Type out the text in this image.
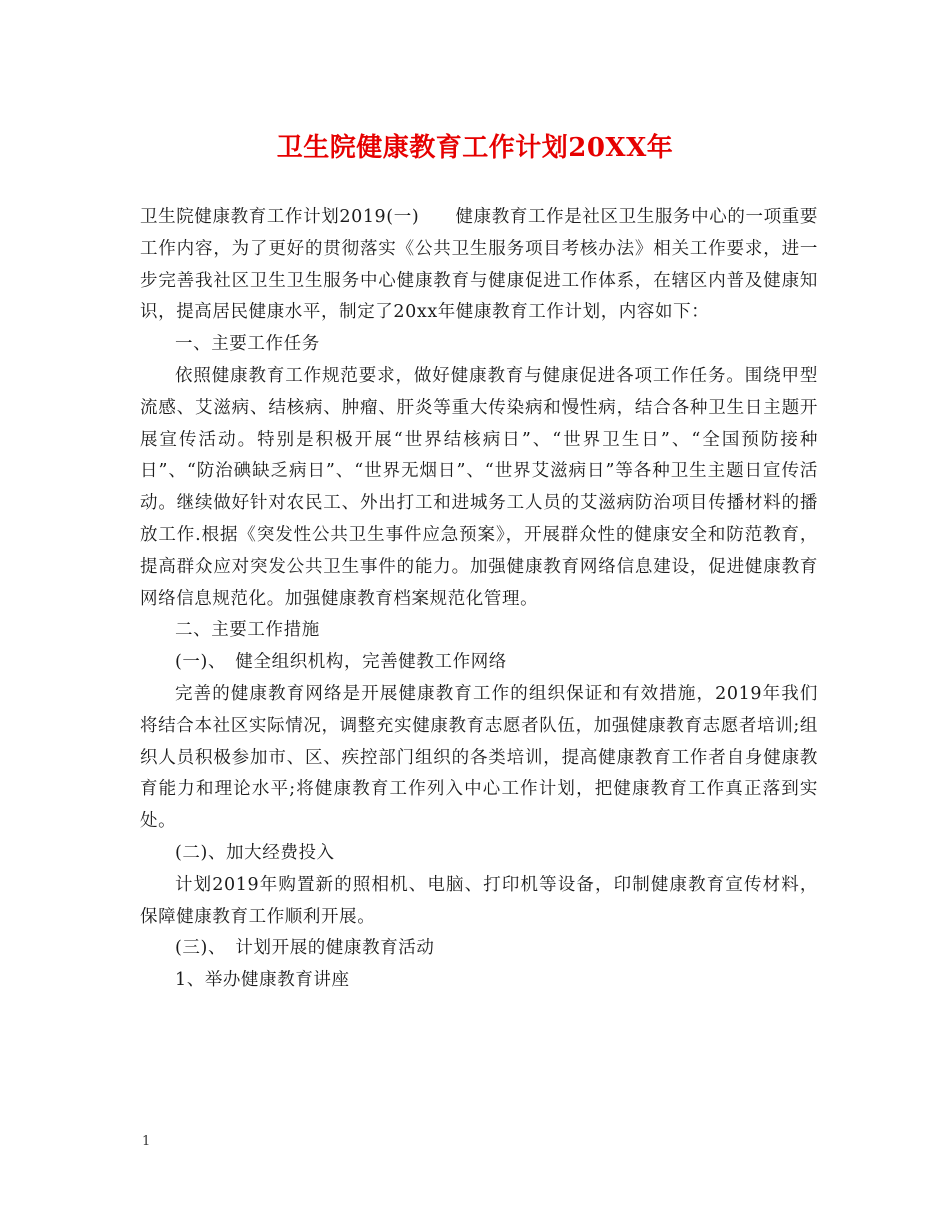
卫生院健康教育工作计划20XX年

卫生院健康教育工作计划2019(一)　　健康教育工作是社区卫生服务中心的一项重要工作内容，为了更好的贯彻落实《公共卫生服务项目考核办法》相关工作要求，进一步完善我社区卫生卫生服务中心健康教育与健康促进工作体系，在辖区内普及健康知识，提高居民健康水平，制定了20xx年健康教育工作计划，内容如下：

一、主要工作任务

依照健康教育工作规范要求，做好健康教育与健康促进各项工作任务。围绕甲型流感、艾滋病、结核病、肿瘤、肝炎等重大传染病和慢性病，结合各种卫生日主题开展宣传活动。特别是积极开展“世界结核病日”、“世界卫生日”、“全国预防接种日”、“防治碘缺乏病日”、“世界无烟日”、“世界艾滋病日”等各种卫生主题日宣传活动。继续做好针对农民工、外出打工和进城务工人员的艾滋病防治项目传播材料的播放工作.根据《突发性公共卫生事件应急预案》，开展群众性的健康安全和防范教育，提高群众应对突发公共卫生事件的能力。加强健康教育网络信息建设，促进健康教育网络信息规范化。加强健康教育档案规范化管理。

二、主要工作措施

(一)、　健全组织机构，完善健教工作网络

完善的健康教育网络是开展健康教育工作的组织保证和有效措施，2019年我们将结合本社区实际情况，调整充实健康教育志愿者队伍，加强健康教育志愿者培训;组织人员积极参加市、区、疾控部门组织的各类培训，提高健康教育工作者自身健康教育能力和理论水平;将健康教育工作列入中心工作计划，把健康教育工作真正落到实处。

(二)、加大经费投入

计划2019年购置新的照相机、电脑、打印机等设备，印制健康教育宣传材料，保障健康教育工作顺利开展。

(三)、　计划开展的健康教育活动

1、举办健康教育讲座

1
